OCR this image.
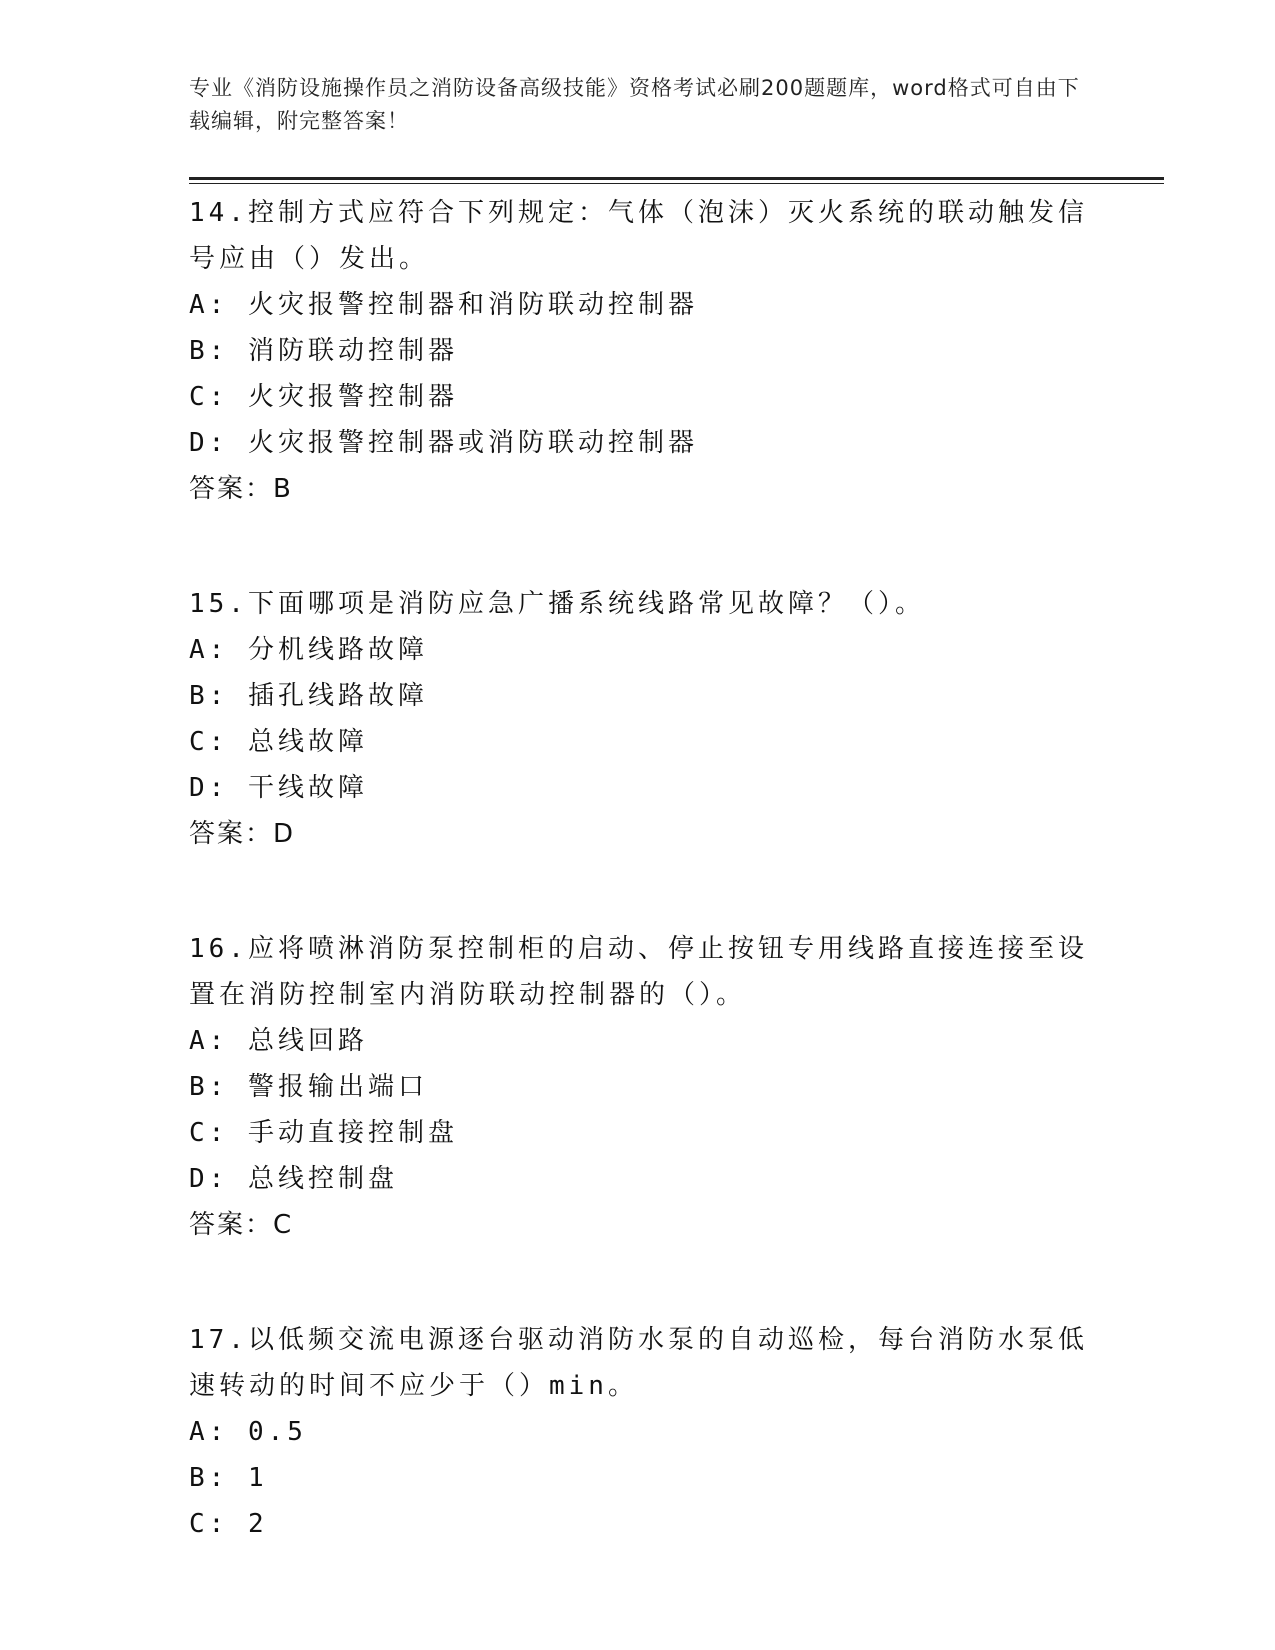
专业《消防设施操作员之消防设备高级技能》资格考试必刷200题题库，word格式可自由下载编辑，附完整答案！
14.控制方式应符合下列规定：气体（泡沫）灭火系统的联动触发信号应由（）发出。
A: 火灾报警控制器和消防联动控制器
B: 消防联动控制器
C: 火灾报警控制器
D: 火灾报警控制器或消防联动控制器
答案：B
15.下面哪项是消防应急广播系统线路常见故障？（）。
A: 分机线路故障
B: 插孔线路故障
C: 总线故障
D: 干线故障
答案：D
16.应将喷淋消防泵控制柜的启动、停止按钮专用线路直接连接至设置在消防控制室内消防联动控制器的（）。
A: 总线回路
B: 警报输出端口
C: 手动直接控制盘
D: 总线控制盘
答案：C
17.以低频交流电源逐台驱动消防水泵的自动巡检，每台消防水泵低速转动的时间不应少于（）min。
A: 0.5
B: 1
C: 2
